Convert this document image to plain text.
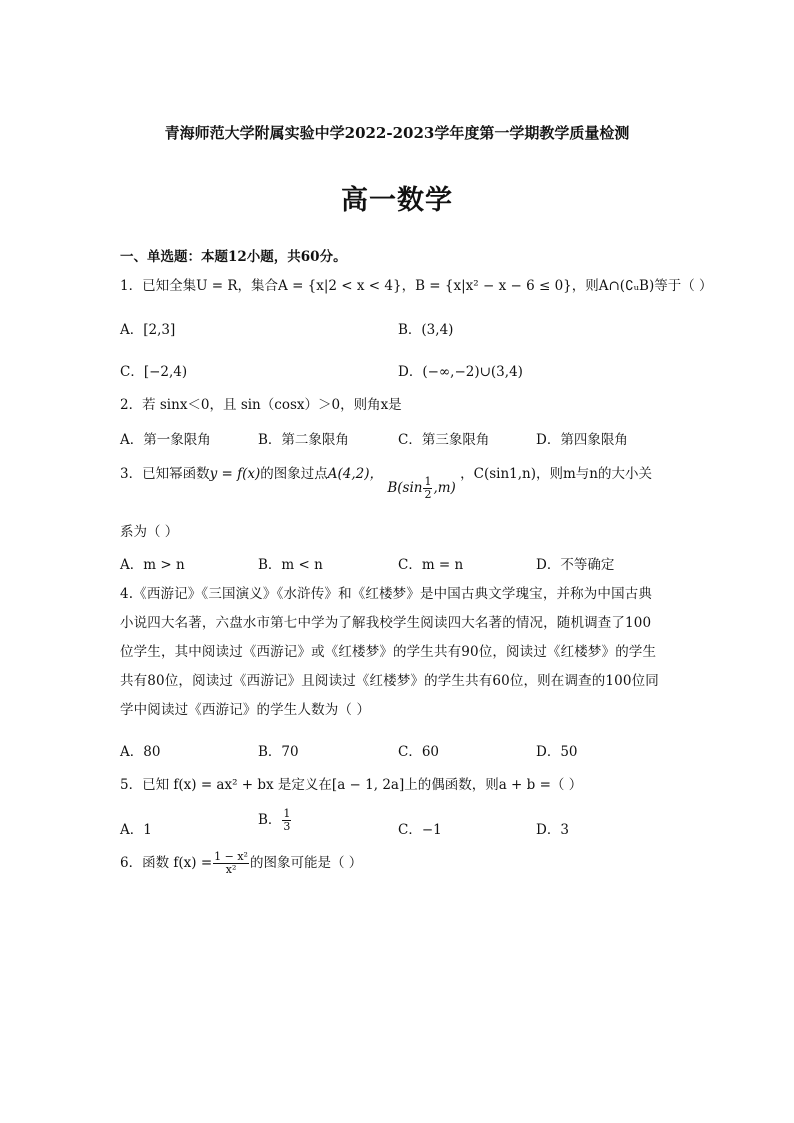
青海师范大学附属实验中学2022-2023学年度第一学期教学质量检测
高一数学
一、单选题：本题12小题，共60分。
1．已知全集U = R，集合A = {x|2 < x < 4}，B = {x|x² − x − 6 ≤ 0}，则A∩(∁ᵤB)等于（ ）
A．[2,3]	B．(3,4)
C．[−2,4)	D．(−∞,−2)∪(3,4)
2．若 sinx＜0，且 sin（cosx）＞0，则角x是
A．第一象限角	B．第二象限角	C．第三象限角	D．第四象限角
3．已知幂函数y = f(x)的图象过点A(4,2)， $B(\sin \frac{1}{2} ,m)$ ，C(sin1,n)，则m与n的大小关
系为（ ）
A．m > n	B．m < n	C．m = n	D．不等确定
4.《西游记》《三国演义》《水浒传》和《红楼梦》是中国古典文学瑰宝，并称为中国古典小说四大名著，六盘水市第七中学为了解我校学生阅读四大名著的情况，随机调查了100位学生，其中阅读过《西游记》或《红楼梦》的学生共有90位，阅读过《红楼梦》的学生共有80位，阅读过《西游记》且阅读过《红楼梦》的学生共有60位，则在调查的100位同学中阅读过《西游记》的学生人数为（ ）
A．80	B．70	C．60	D．50
5．已知 f(x) = ax² + bx 是定义在[a − 1, 2a]上的偶函数，则a + b =（ ）
A．1
B． $\frac{1}{3}$	C．−1	D．3
6．函数 $f(x) = \frac{\text{1 − x²}}{\text{x²}}$ 的图象可能是（ ）
